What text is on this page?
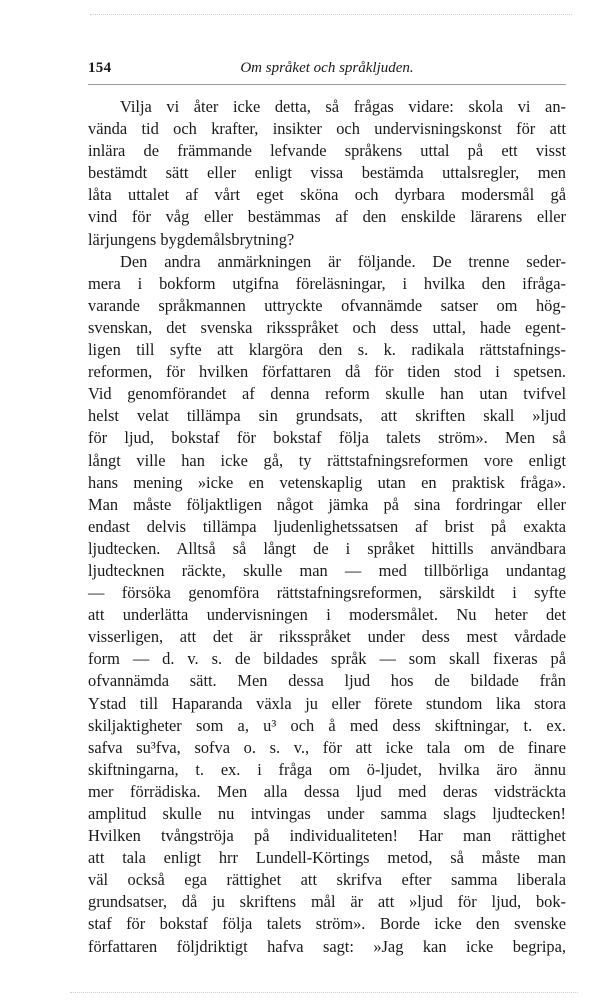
154	Om språket och språkljuden.
Vilja vi åter icke detta, så frågas vidare: skola vi an-
vända tid och krafter, insikter och undervisningskonst för att
inlära de främmande lefvande språkens uttal på ett visst
bestämdt sätt eller enligt vissa bestämda uttalsregler, men
låta uttalet af vårt eget sköna och dyrbara modersmål gå
vind för våg eller bestämmas af den enskilde lärarens eller
lärjungens bygdemålsbrytning?
Den andra anmärkningen är följande. De trenne seder-
mera i bokform utgifna föreläsningar, i hvilka den ifråga-
varande språkmannen uttryckte ofvannämde satser om hög-
svenskan, det svenska riksspråket och dess uttal, hade egent-
ligen till syfte att klargöra den s. k. radikala rättstafnings-
reformen, för hvilken författaren då för tiden stod i spetsen.
Vid genomförandet af denna reform skulle han utan tvifvel
helst velat tillämpa sin grundsats, att skriften skall »ljud
för ljud, bokstaf för bokstaf följa talets ström». Men så
långt ville han icke gå, ty rättstafningsreformen vore enligt
hans mening »icke en vetenskaplig utan en praktisk fråga».
Man måste följaktligen något jämka på sina fordringar eller
endast delvis tillämpa ljudenlighetssatsen af brist på exakta
ljudtecken. Alltså så långt de i språket hittills användbara
ljudtecknen räckte, skulle man — med tillbörliga undantag
— försöka genomföra rättstafningsreformen, särskildt i syfte
att underlätta undervisningen i modersmålet. Nu heter det
visserligen, att det är riksspråket under dess mest vårdade
form — d. v. s. de bildades språk — som skall fixeras på
ofvannämda sätt. Men dessa ljud hos de bildade från
Ystad till Haparanda växla ju eller förete stundom lika stora
skiljaktigheter som a, u³ och å med dess skiftningar, t. ex.
safva su³fva, sofva o. s. v., för att icke tala om de finare
skiftningarna, t. ex. i fråga om ö-ljudet, hvilka äro ännu
mer förrädiska. Men alla dessa ljud med deras vidsträckta
amplitud skulle nu intvingas under samma slags ljudtecken!
Hvilken tvångströja på individualiteten! Har man rättighet
att tala enligt hrr Lundell-Körtings metod, så måste man
väl också ega rättighet att skrifva efter samma liberala
grundsatser, då ju skriftens mål är att »ljud för ljud, bok-
staf för bokstaf följa talets ström». Borde icke den svenske
författaren följdriktigt hafva sagt: »Jag kan icke begripa,
